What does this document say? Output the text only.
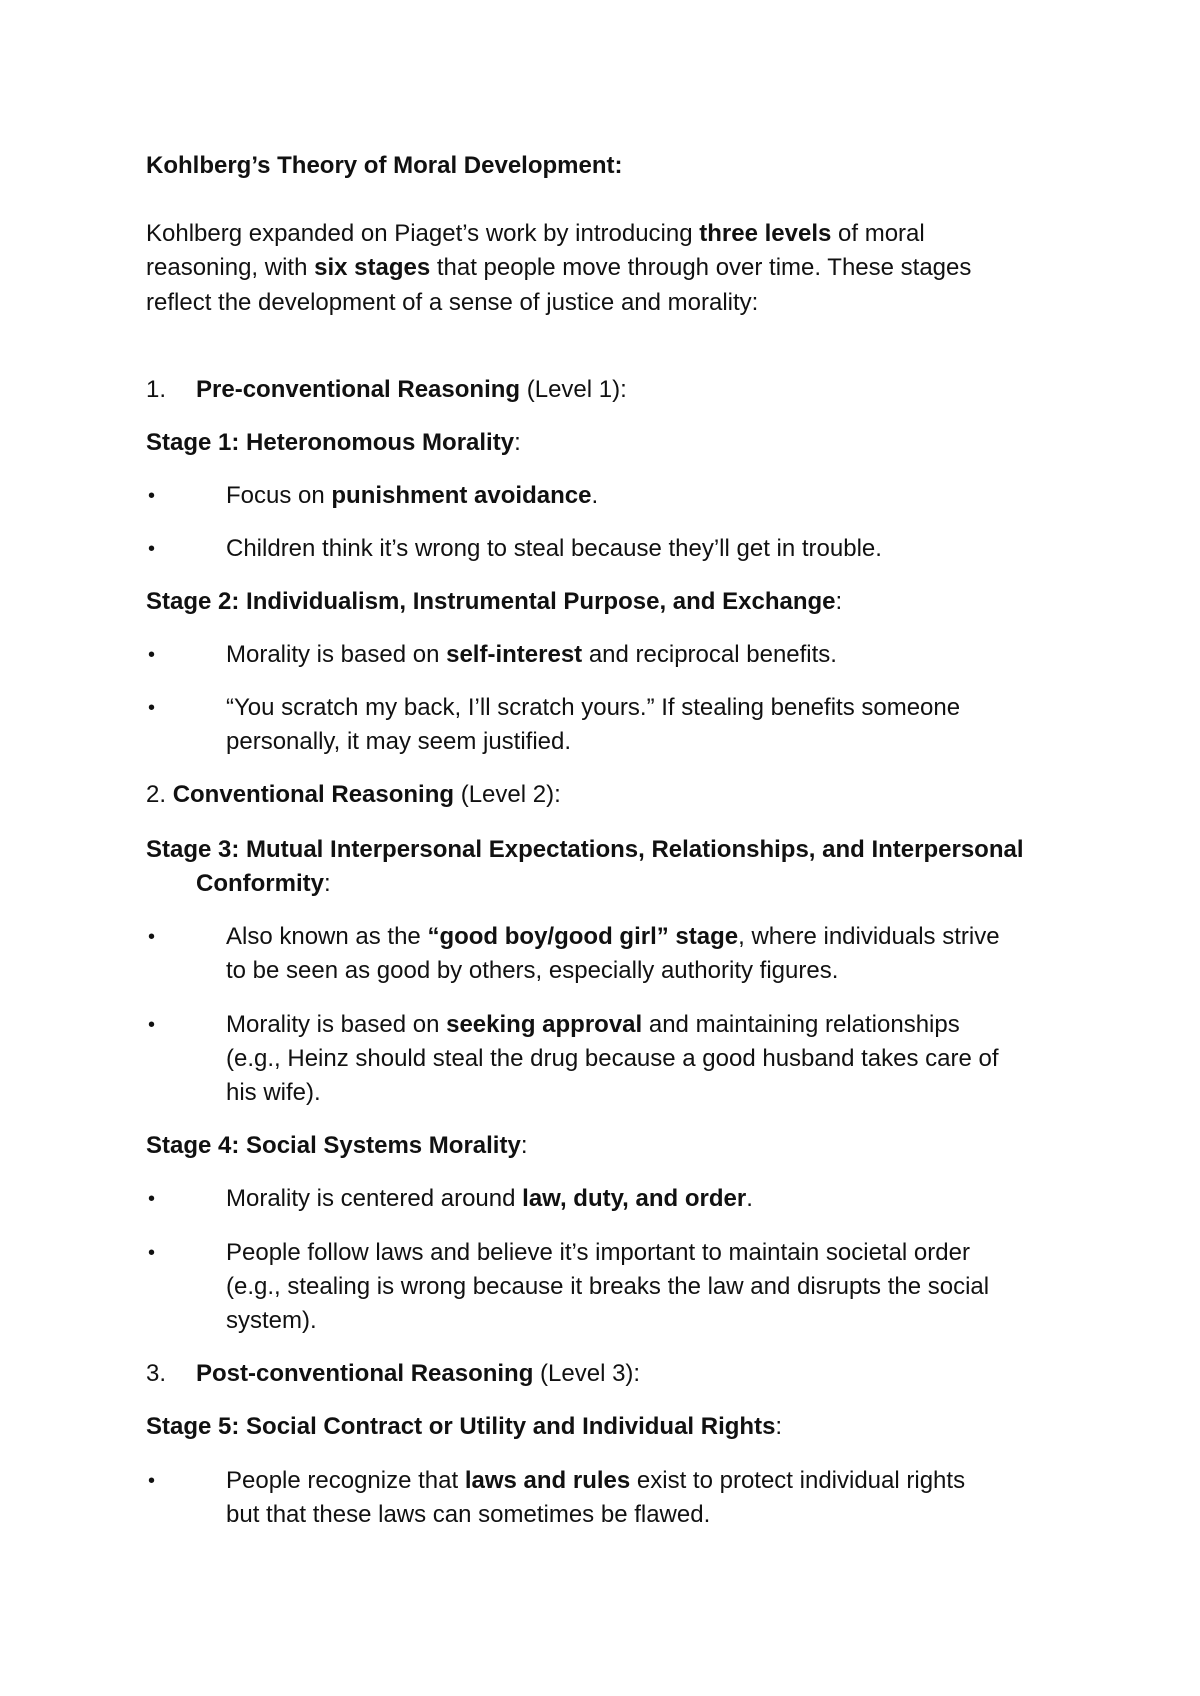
Kohlberg’s Theory of Moral Development:
Kohlberg expanded on Piaget’s work by introducing three levels of moral
reasoning, with six stages that people move through over time. These stages
reflect the development of a sense of justice and morality:
1. Pre-conventional Reasoning (Level 1):
Stage 1: Heteronomous Morality:
•	Focus on punishment avoidance.
•	Children think it’s wrong to steal because they’ll get in trouble.
Stage 2: Individualism, Instrumental Purpose, and Exchange:
•	Morality is based on self-interest and reciprocal benefits.
•	“You scratch my back, I’ll scratch yours.” If stealing benefits someone
personally, it may seem justified.
2. Conventional Reasoning (Level 2):
Stage 3: Mutual Interpersonal Expectations, Relationships, and Interpersonal
Conformity:
•	Also known as the “good boy/good girl” stage, where individuals strive
to be seen as good by others, especially authority figures.
•	Morality is based on seeking approval and maintaining relationships
(e.g., Heinz should steal the drug because a good husband takes care of
his wife).
Stage 4: Social Systems Morality:
•	Morality is centered around law, duty, and order.
•	People follow laws and believe it’s important to maintain societal order
(e.g., stealing is wrong because it breaks the law and disrupts the social
system).
3. Post-conventional Reasoning (Level 3):
Stage 5: Social Contract or Utility and Individual Rights:
•	People recognize that laws and rules exist to protect individual rights
but that these laws can sometimes be flawed.
